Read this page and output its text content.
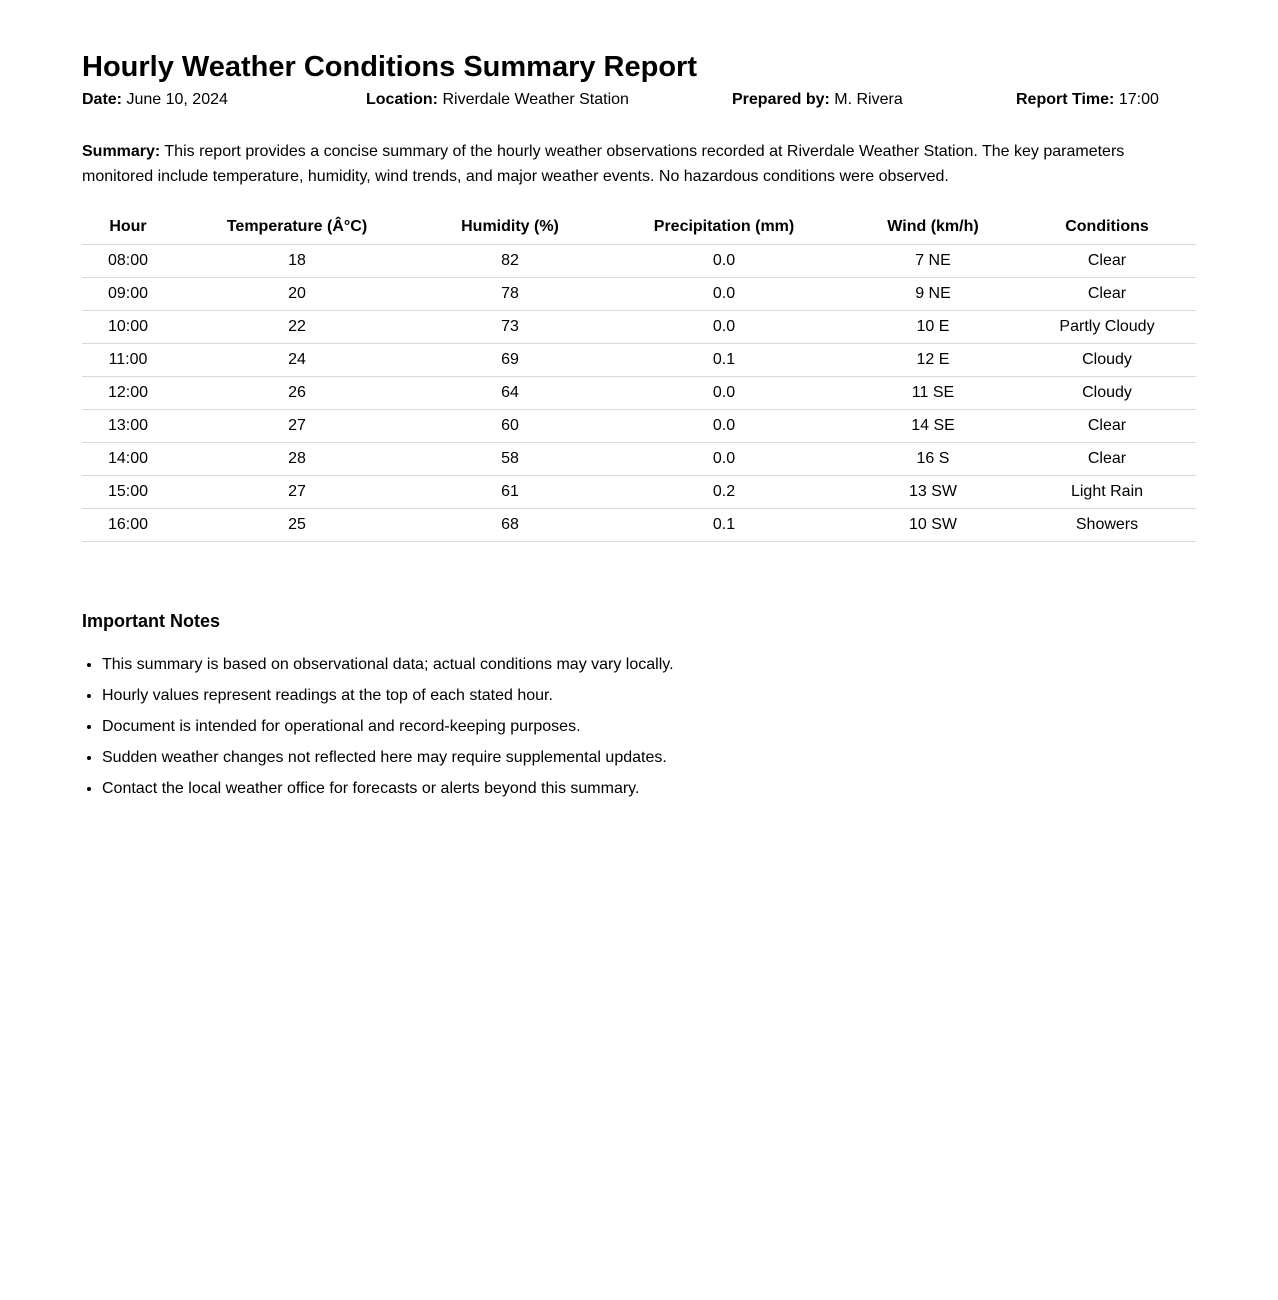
Hourly Weather Conditions Summary Report
Date: June 10, 2024	Location: Riverdale Weather Station	Prepared by: M. Rivera	Report Time: 17:00
Summary: This report provides a concise summary of the hourly weather observations recorded at Riverdale Weather Station. The key parameters monitored include temperature, humidity, wind trends, and major weather events. No hazardous conditions were observed.
Hour	Temperature (Â°C)	Humidity (%)	Precipitation (mm)	Wind (km/h)	Conditions
08:00	18	82	0.0	7 NE	Clear
09:00	20	78	0.0	9 NE	Clear
10:00	22	73	0.0	10 E	Partly Cloudy
11:00	24	69	0.1	12 E	Cloudy
12:00	26	64	0.0	11 SE	Cloudy
13:00	27	60	0.0	14 SE	Clear
14:00	28	58	0.0	16 S	Clear
15:00	27	61	0.2	13 SW	Light Rain
16:00	25	68	0.1	10 SW	Showers
Important Notes
• This summary is based on observational data; actual conditions may vary locally.
• Hourly values represent readings at the top of each stated hour.
• Document is intended for operational and record-keeping purposes.
• Sudden weather changes not reflected here may require supplemental updates.
• Contact the local weather office for forecasts or alerts beyond this summary.
